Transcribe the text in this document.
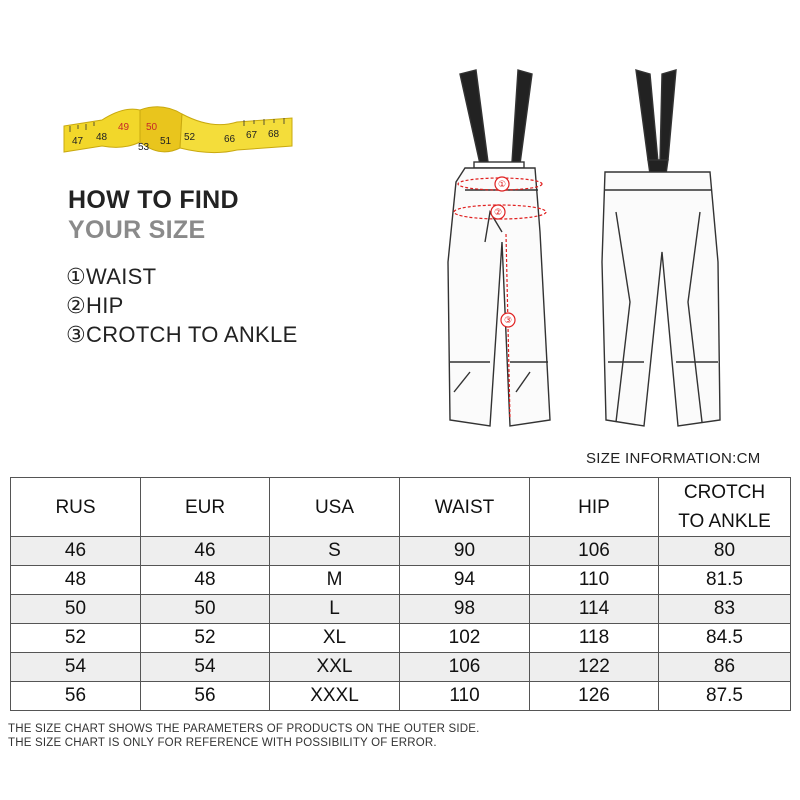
47 48
49 50
51 52
53
66 67 68
HOW TO FIND
YOUR SIZE
①WAIST
②HIP
③CROTCH TO ANKLE
①
②
③
SIZE INFORMATION:CM
RUS	EUR	USA	WAIST	HIP	CROTCH
TO ANKLE
46	46	S	90	106	80
48	48	M	94	110	81.5
50	50	L	98	114	83
52	52	XL	102	118	84.5
54	54	XXL	106	122	86
56	56	XXXL	110	126	87.5
THE SIZE CHART SHOWS THE PARAMETERS OF PRODUCTS ON THE OUTER SIDE.
THE SIZE CHART IS ONLY FOR REFERENCE WITH POSSIBILITY OF ERROR.
